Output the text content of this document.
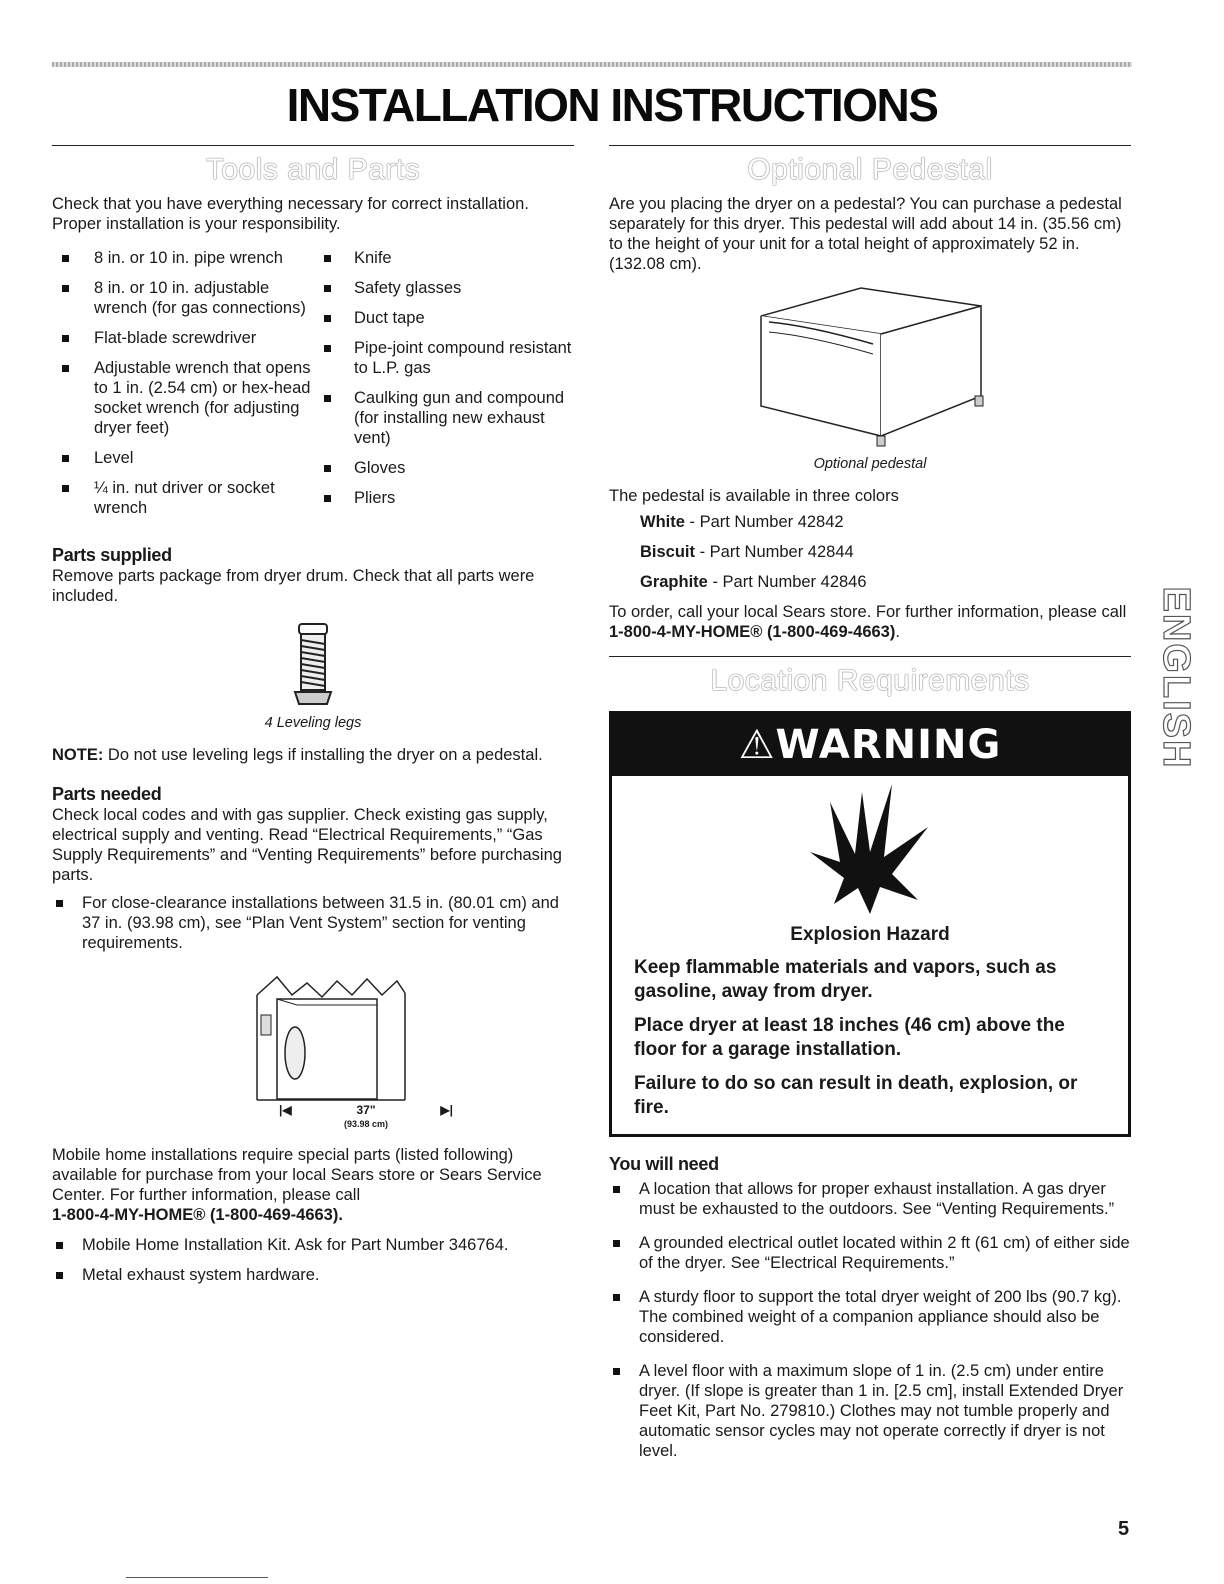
INSTALLATION INSTRUCTIONS
Tools and Parts

Check that you have everything necessary for correct installation. Proper installation is your responsibility.

8 in. or 10 in. pipe wrench
8 in. or 10 in. adjustable wrench (for gas connections)
Flat-blade screwdriver
Adjustable wrench that opens to 1 in. (2.54 cm) or hex-head socket wrench (for adjusting dryer feet)
Level
¼ in. nut driver or socket wrench
Knife
Safety glasses
Duct tape
Pipe-joint compound resistant to L.P. gas
Caulking gun and compound (for installing new exhaust vent)
Gloves
Pliers
Parts supplied

Remove parts package from dryer drum. Check that all parts were included.

4 Leveling legs

NOTE: Do not use leveling legs if installing the dryer on a pedestal.

Parts needed

Check local codes and with gas supplier. Check existing gas supply, electrical supply and venting. Read “Electrical Requirements,” “Gas Supply Requirements” and “Venting Requirements” before purchasing parts.

For close-clearance installations between 31.5 in. (80.01 cm) and 37 in. (93.98 cm), see “Plan Vent System” section for venting requirements.
|◀	37"	▶|
(93.98 cm)

Mobile home installations require special parts (listed following) available for purchase from your local Sears store or Sears Service Center. For further information, please call

1-800-4-MY-HOME® (1-800-469-4663).

Mobile Home Installation Kit. Ask for Part Number 346764.
Metal exhaust system hardware.
Optional Pedestal

Are you placing the dryer on a pedestal? You can purchase a pedestal separately for this dryer. This pedestal will add about 14 in. (35.56 cm) to the height of your unit for a total height of approximately 52 in. (132.08 cm).

Optional pedestal

The pedestal is available in three colors

White - Part Number 42842

Biscuit - Part Number 42844

Graphite - Part Number 42846

To order, call your local Sears store. For further information, please call 1-800-4-MY-HOME® (1-800-469-4663).

Location Requirements
⚠WARNING
Explosion Hazard
Keep flammable materials and vapors, such as gasoline, away from dryer.
Place dryer at least 18 inches (46 cm) above the floor for a garage installation.
Failure to do so can result in death, explosion, or fire.
You will need
A location that allows for proper exhaust installation. A gas dryer must be exhausted to the outdoors. See “Venting Requirements.”
A grounded electrical outlet located within 2 ft (61 cm) of either side of the dryer. See “Electrical Requirements.”
A sturdy floor to support the total dryer weight of 200 lbs (90.7 kg). The combined weight of a companion appliance should also be considered.
A level floor with a maximum slope of 1 in. (2.5 cm) under entire dryer. (If slope is greater than 1 in. [2.5 cm], install Extended Dryer Feet Kit, Part No. 279810.) Clothes may not tumble properly and automatic sensor cycles may not operate correctly if dryer is not level.
ENGLISH
5
